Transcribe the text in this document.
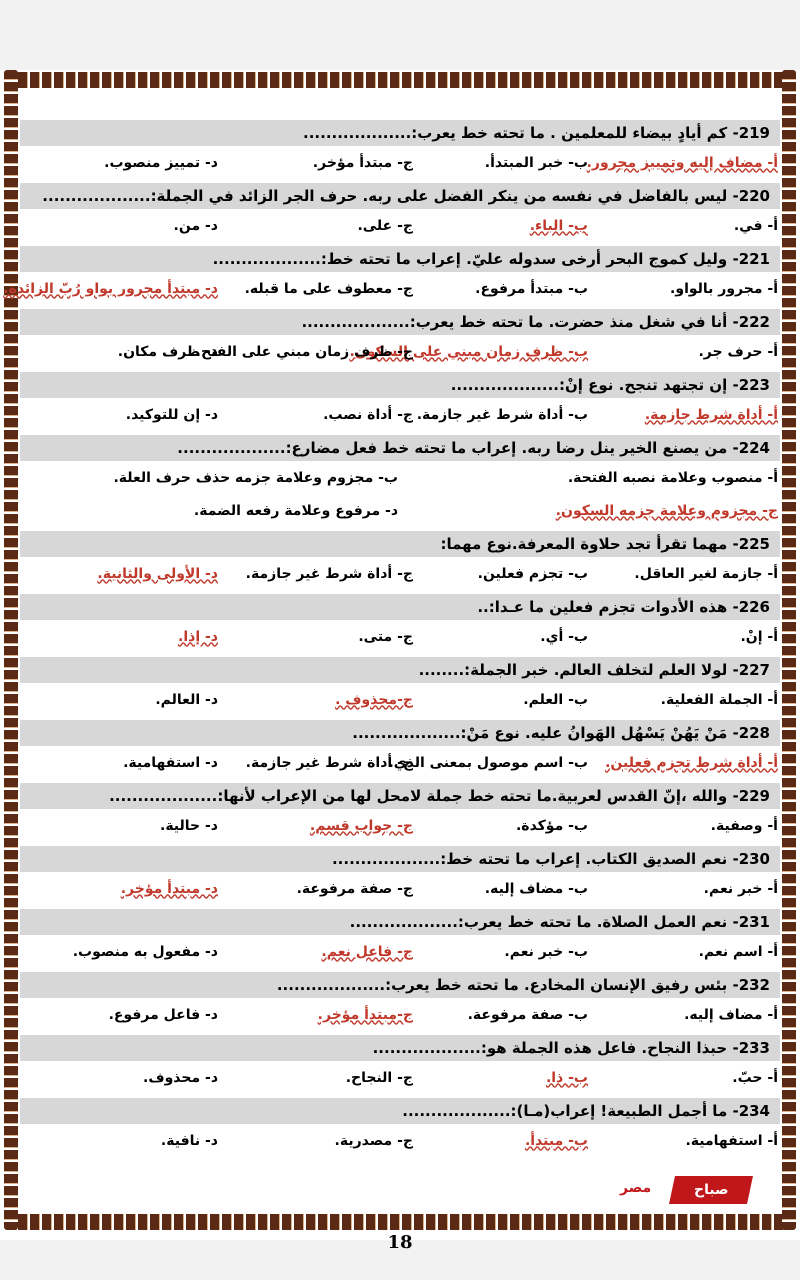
219- كم أيادٍ بيضاء للمعلمين . ما تحته خط يعرب:...................
أ- مضاف إليه وتمييز مجرور.
ب- خبر المبتدأ.
ج- مبتدأ مؤخر.
د- تمييز منصوب.
220- ليس بالفاضل في نفسه من ينكر الفضل على ربه. حرف الجر الزائد في الجملة:...................
أ- في.
ب- الباء.
ج- على.
د- من.
221- وليل كموج البحر أرخى سدوله عليّ. إعراب ما تحته خط:...................
أ- مجرور بالواو.
ب- مبتدأ مرفوع.
ج- معطوف على ما قبله.
د- مبتدأ مجرور بواو رُبّ الزائدة.
222- أنا في شغل منذ حضرت. ما تحته خط يعرب:...................
أ- حرف جر.
ب- ظرف زمان مبني على السكون.
ج- ظرف زمان مبني على الفتح.
د- ظرف مكان.
223- إن تجتهد تنجح. نوع إنْ:...................
أ- أداة شرط جازمة.
ب- أداة شرط غير جازمة.
ج- أداة نصب.
د- إن للتوكيد.
224- من يصنع الخير ينل رضا ربه. إعراب ما تحته خط فعل مضارع:...................
أ- منصوب وعلامة نصبه الفتحة.
ب- مجزوم وعلامة جزمه حذف حرف العلة.
ج- مجزوم وعلامة جزمه السكون.
د- مرفوع وعلامة رفعه الضمة.
225- مهما تقرأ تجد حلاوة المعرفة.نوع مهما:
أ- جازمة لغير العاقل.
ب- تجزم فعلين.
ج- أداة شرط غير جازمة.
د- الأولى والثانية.
226- هذه الأدوات تجزم فعلين ما عـدا:..
أ- إنْ.
ب- أي.
ج- متى.
د- إذا.
227- لولا العلم لتخلف العالم. خبر الجملة:........
أ- الجملة الفعلية.
ب- العلم.
ج-محذوف .
د- العالم.
228- مَنْ يَهُنْ يَسْهُل الهَوانُ عليه. نوع مَنْ:...................
أ- أداة شرط تجزم فعلين.
ب- اسم موصول بمعنى الذي.
ج- أداة شرط غير جازمة.
د- استفهامية.
229- والله ،إنّ القدس لعربية.ما تحته خط جملة لامحل لها من الإعراب لأنها:...................
أ- وصفية.
ب- مؤكدة.
ج- جواب قسم.
د- حالية.
230- نعم الصديق الكتاب. إعراب ما تحته خط:...................
أ- خبر نعم.
ب- مضاف إليه.
ج- صفة مرفوعة.
د- مبتدأ مؤخر.
231- نعم العمل الصلاة. ما تحته خط يعرب:...................
أ- اسم نعم.
ب- خبر نعم.
ج- فاعل نعم.
د- مفعول به منصوب.
232- بئس رفيق الإنسان المخادع. ما تحته خط يعرب:...................
أ- مضاف إليه.
ب- صفة مرفوعة.
ج-مبتدأ مؤخر.
د- فاعل مرفوع.
233- حبذا النجاح. فاعل هذه الجملة هو:...................
أ- حبّ.
ب- ذا.
ج- النجاح.
د- محذوف.
234- ما أجمل الطبيعة! إعراب(مـا):...................
أ- استفهامية.
ب- مبتدأ.
ج- مصدرية.
د- نافية.
مصر	صباح
18
